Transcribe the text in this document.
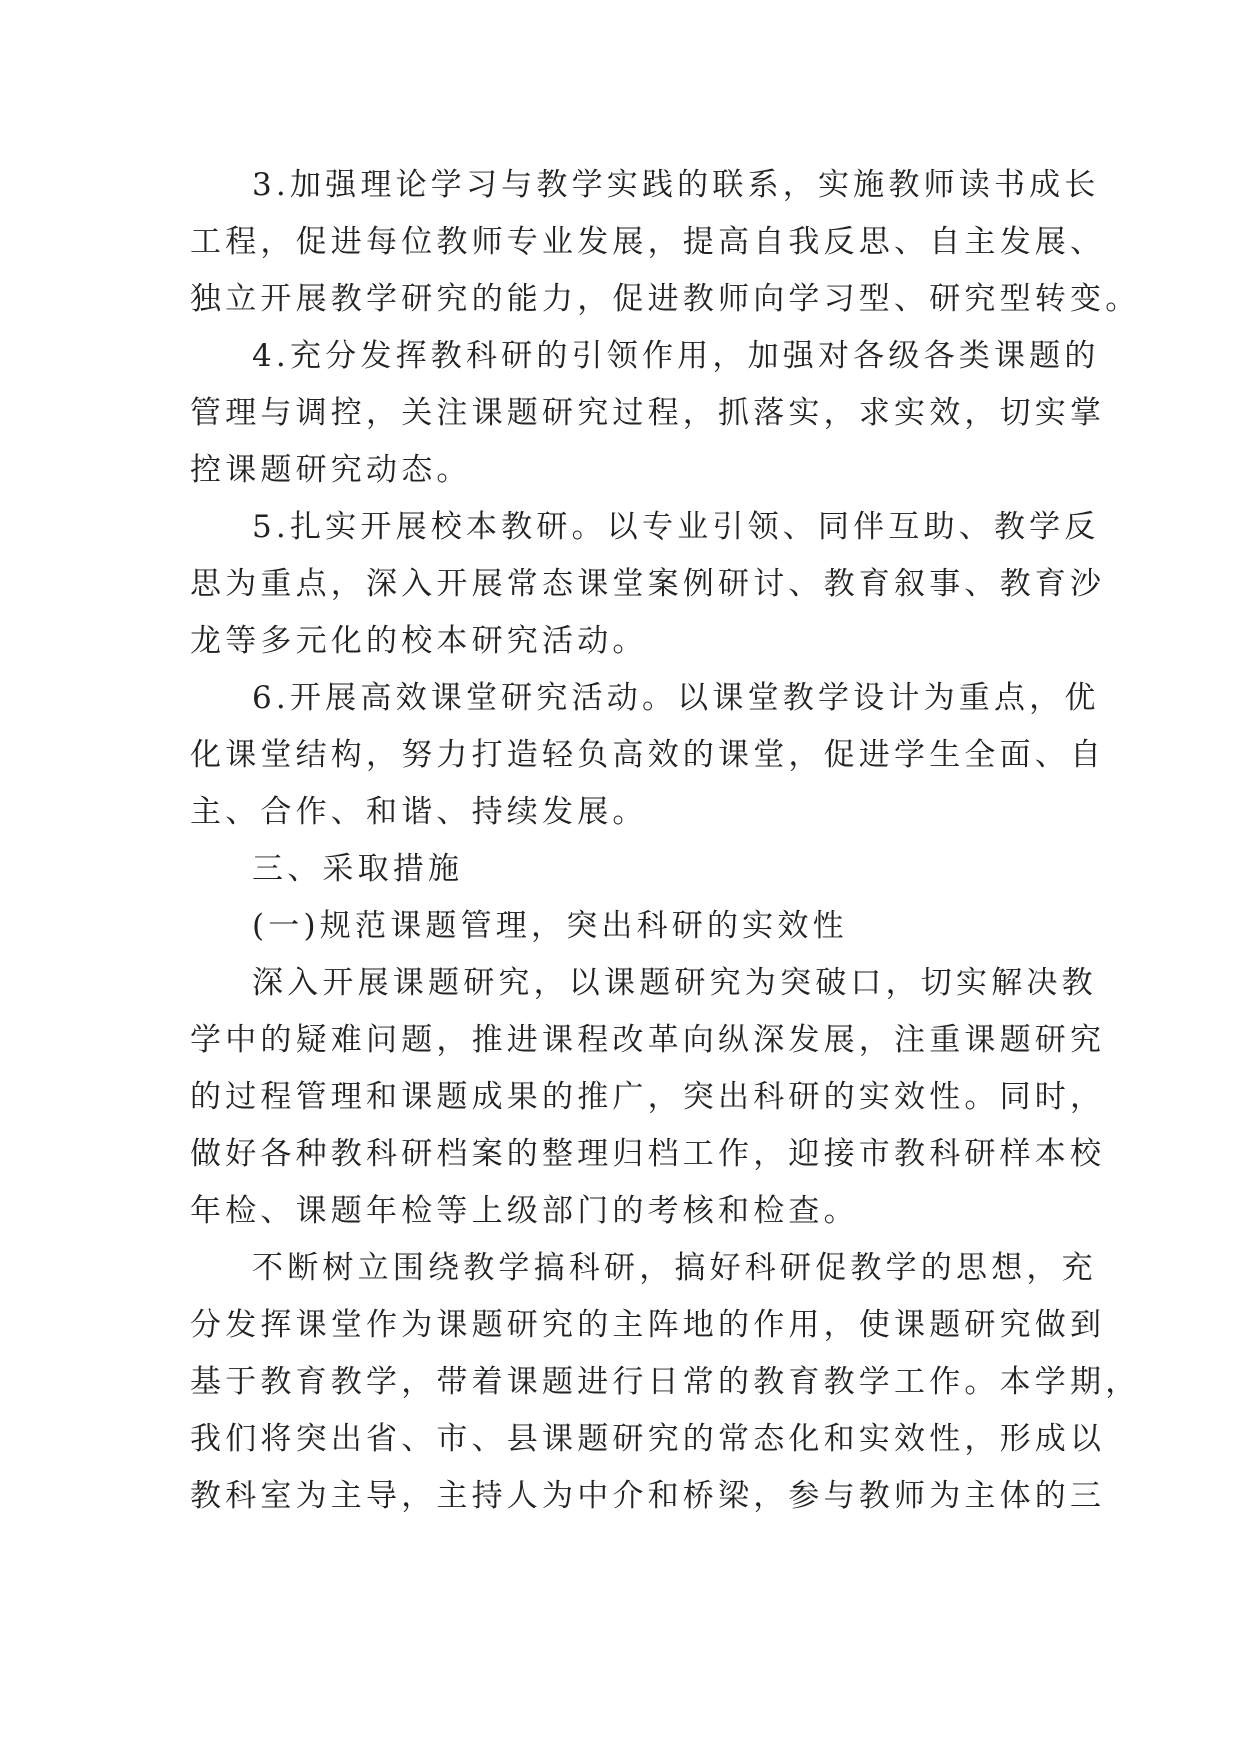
3.加强理论学习与教学实践的联系，实施教师读书成长
工程，促进每位教师专业发展，提高自我反思、自主发展、
独立开展教学研究的能力，促进教师向学习型、研究型转变。
4.充分发挥教科研的引领作用，加强对各级各类课题的
管理与调控，关注课题研究过程，抓落实，求实效，切实掌
控课题研究动态。
5.扎实开展校本教研。以专业引领、同伴互助、教学反
思为重点，深入开展常态课堂案例研讨、教育叙事、教育沙
龙等多元化的校本研究活动。
6.开展高效课堂研究活动。以课堂教学设计为重点，优
化课堂结构，努力打造轻负高效的课堂，促进学生全面、自
主、合作、和谐、持续发展。
三、采取措施
(一)规范课题管理，突出科研的实效性
深入开展课题研究，以课题研究为突破口，切实解决教
学中的疑难问题，推进课程改革向纵深发展，注重课题研究
的过程管理和课题成果的推广，突出科研的实效性。同时，
做好各种教科研档案的整理归档工作，迎接市教科研样本校
年检、课题年检等上级部门的考核和检查。
不断树立围绕教学搞科研，搞好科研促教学的思想，充
分发挥课堂作为课题研究的主阵地的作用，使课题研究做到
基于教育教学，带着课题进行日常的教育教学工作。本学期，
我们将突出省、市、县课题研究的常态化和实效性，形成以
教科室为主导，主持人为中介和桥梁，参与教师为主体的三
